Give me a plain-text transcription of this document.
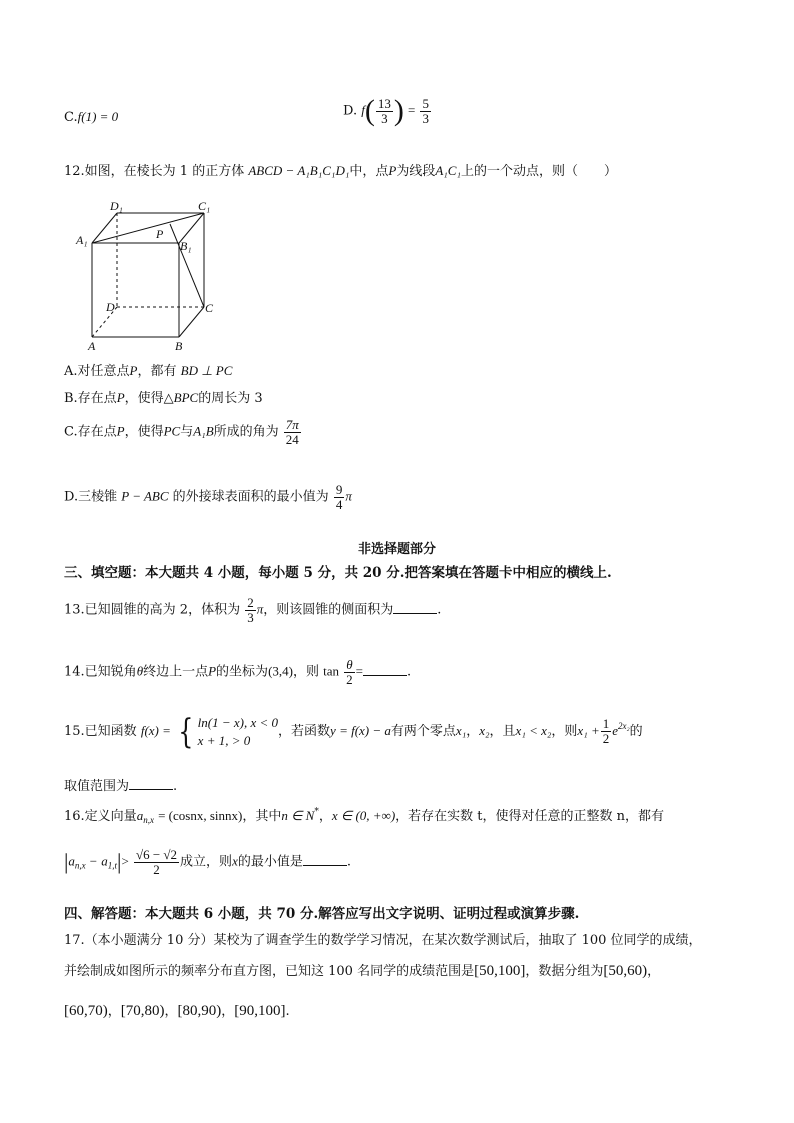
C.f(1) = 0	D. $f( \frac{13}{3}$ ) = $\frac{5}{3}$
12.如图，在棱长为 1 的正方体 ABCD − A₁B₁C₁D₁中，点P为线段A₁C₁上的一个动点，则（　　）
D₁	C₁
A₁	P
B₁
D	C
A	B
A.对任意点P，都有 BD ⊥ PC
B.存在点P，使得△BPC的周长为 3
C.存在点P，使得PC与A₁B所成的角为 $\frac{7\pi}{24}$
D.三棱锥 P − ABC 的外接球表面积的最小值为 $\frac{9}{4}$ π
非选择题部分
三、填空题：本大题共 4 小题，每小题 5 分，共 20 分.把答案填在答题卡中相应的横线上.
13.已知圆锥的高为 2，体积为 $\frac{2}{3}$ π，则该圆锥的侧面积为	.
14.已知锐角θ终边上一点P的坐标为(3,4)，则 $\tan \frac{\theta}{2}$ =	.
15.已知函数 f(x) = { ln(1 − x), x < 0
x + 1, > 0
，若函数y = f(x) − a有两个零点x₁，x₂，且x₁ < x₂，则$x_1 + \frac{1}{2} e^{2x_2}$的
取值范围为	.
16.定义向量$a_{n,x}$ = (cosnx, sinnx)，其中n ∈ N*，x ∈ (0, +∞)，若存在实数 t，使得对任意的正整数 n，都有
$|a_{n,x} - a_{1,t}|> \frac{√6 - √2}{2}$ 成立，则x的最小值是	.
四、解答题：本大题共 6 小题，共 70 分.解答应写出文字说明、证明过程或演算步骤.
17.（本小题满分 10 分）某校为了调查学生的数学学习情况，在某次数学测试后，抽取了 100 位同学的成绩，
并绘制成如图所示的频率分布直方图，已知这 100 名同学的成绩范围是[50,100]，数据分组为[50,60)，
[60,70)，[70,80)，[80,90)，[90,100].
